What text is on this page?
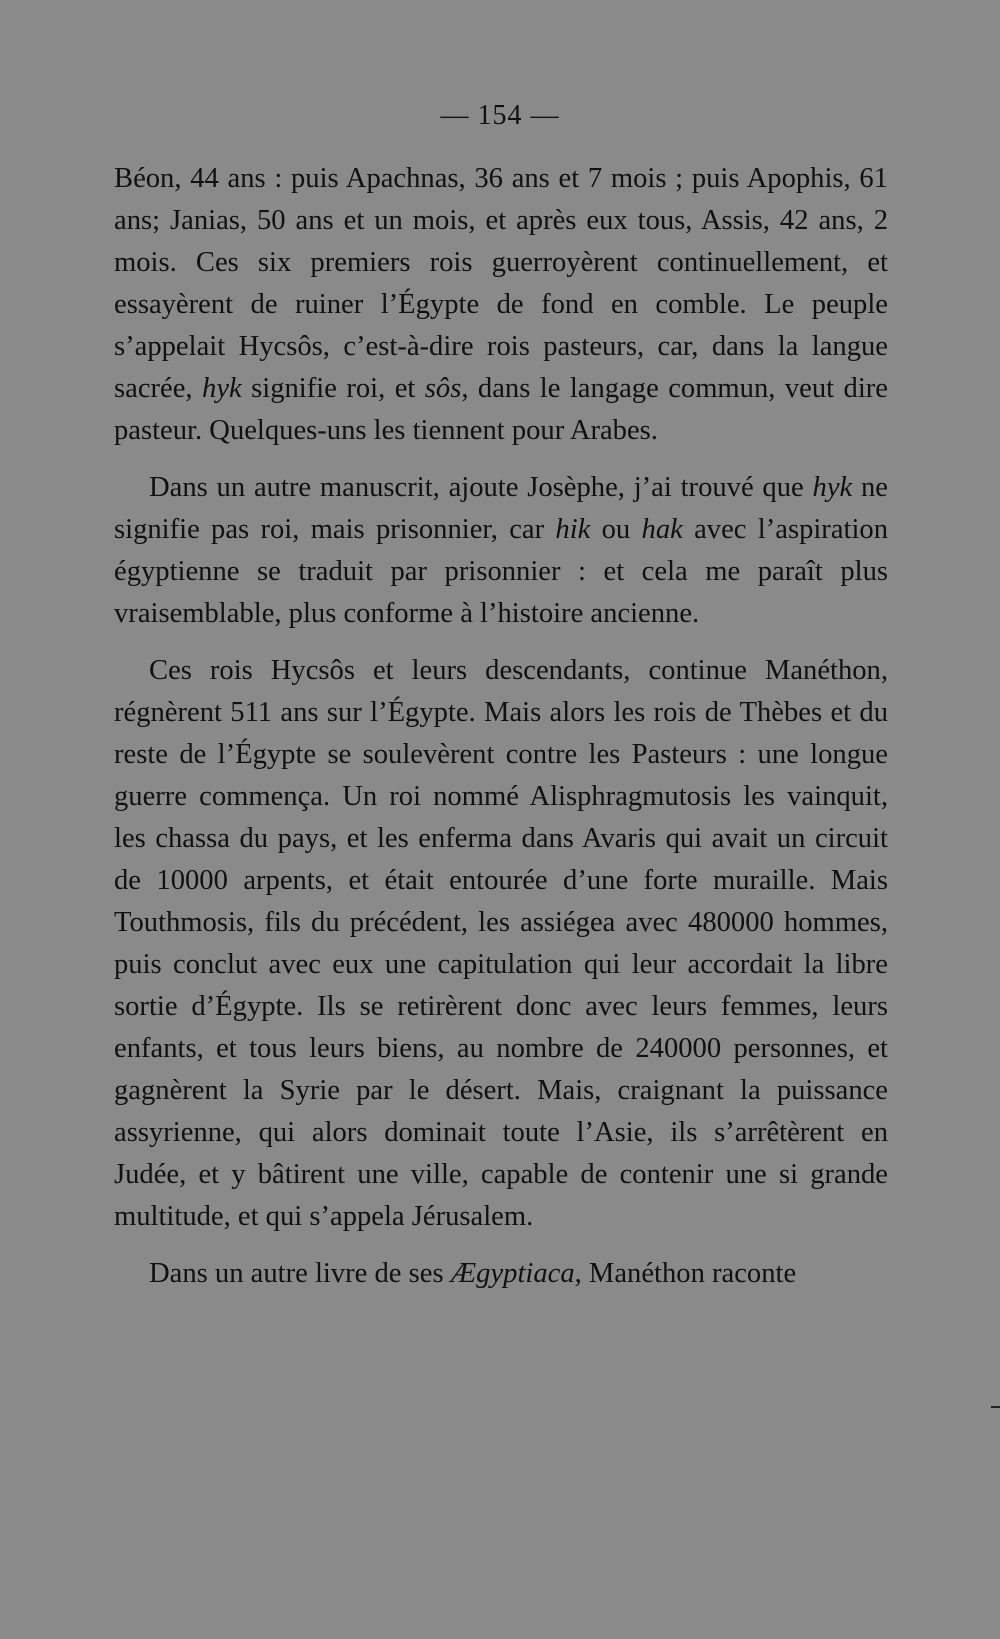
— 154 —

Béon, 44 ans : puis Apachnas, 36 ans et 7 mois ; puis Apophis, 61 ans; Janias, 50 ans et un mois, et après eux tous, Assis, 42 ans, 2 mois. Ces six premiers rois guerroyèrent continuellement, et essayèrent de ruiner l’Égypte de fond en comble. Le peuple s’appelait Hycsôs, c’est-à-dire rois pasteurs, car, dans la langue sacrée, hyk signifie roi, et sôs, dans le langage commun, veut dire pasteur. Quelques-uns les tiennent pour Arabes.

Dans un autre manuscrit, ajoute Josèphe, j’ai trouvé que hyk ne signifie pas roi, mais prisonnier, car hik ou hak avec l’aspiration égyptienne se traduit par prisonnier : et cela me paraît plus vraisemblable, plus conforme à l’histoire ancienne.

Ces rois Hycsôs et leurs descendants, continue Manéthon, régnèrent 511 ans sur l’Égypte. Mais alors les rois de Thèbes et du reste de l’Égypte se soulevèrent contre les Pasteurs : une longue guerre commença. Un roi nommé Alisphragmutosis les vainquit, les chassa du pays, et les enferma dans Avaris qui avait un circuit de 10000 arpents, et était entourée d’une forte muraille. Mais Touthmosis, fils du précédent, les assiégea avec 480000 hommes, puis conclut avec eux une capitulation qui leur accordait la libre sortie d’Égypte. Ils se retirèrent donc avec leurs femmes, leurs enfants, et tous leurs biens, au nombre de 240000 personnes, et gagnèrent la Syrie par le désert. Mais, craignant la puissance assyrienne, qui alors dominait toute l’Asie, ils s’arrêtèrent en Judée, et y bâtirent une ville, capable de contenir une si grande multitude, et qui s’appela Jérusalem.

Dans un autre livre de ses Ægyptiaca, Manéthon raconte
